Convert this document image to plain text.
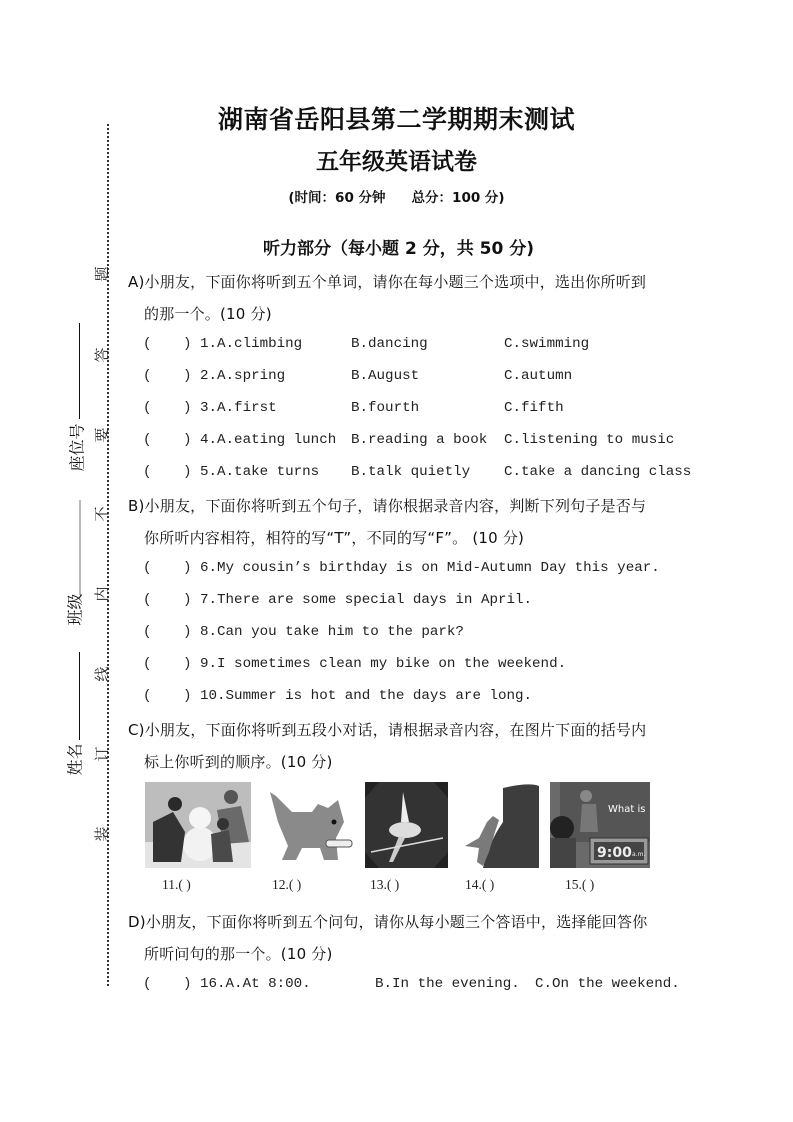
湖南省岳阳县第二学期期末测试
五年级英语试卷
(时间：60 分钟 总分：100 分)
听力部分（每小题 2 分，共 50 分)
题
答
要
不
内
线
订
装
座位号
班级
姓名
A)小朋友，下面你将听到五个单词，请你在每小题三个选项中，选出你所听到
的那一个。(10 分)
( ) 1.A.climbing	B.dancing	C.swimming
( ) 2.A.spring	B.August	C.autumn
( ) 3.A.first	B.fourth	C.fifth
( ) 4.A.eating lunch B.reading a book C.listening to music
( ) 5.A.take turns B.talk quietly C.take a dancing class
B)小朋友，下面你将听到五个句子，请你根据录音内容，判断下列句子是否与
你所听内容相符，相符的写“T”，不同的写“F”。 (10 分)
( ) 6.My cousin’s birthday is on Mid-Autumn Day this year.
( ) 7.There are some special days in April.
( ) 8.Can you take him to the park?
( ) 9.I sometimes clean my bike on the weekend.
( ) 10.Summer is hot and the days are long.
C)小朋友，下面你将听到五段小对话，请根据录音内容，在图片下面的括号内
标上你听到的顺序。(10 分)
What is
9:00 a.m.
11.( )	12.( )	13.( )	14.( )	15.( )
D)小朋友，下面你将听到五个问句，请你从每小题三个答语中，选择能回答你
所听问句的那一个。(10 分)
( ) 16.A.At 8:00.	B.In the evening. C.On the weekend.
